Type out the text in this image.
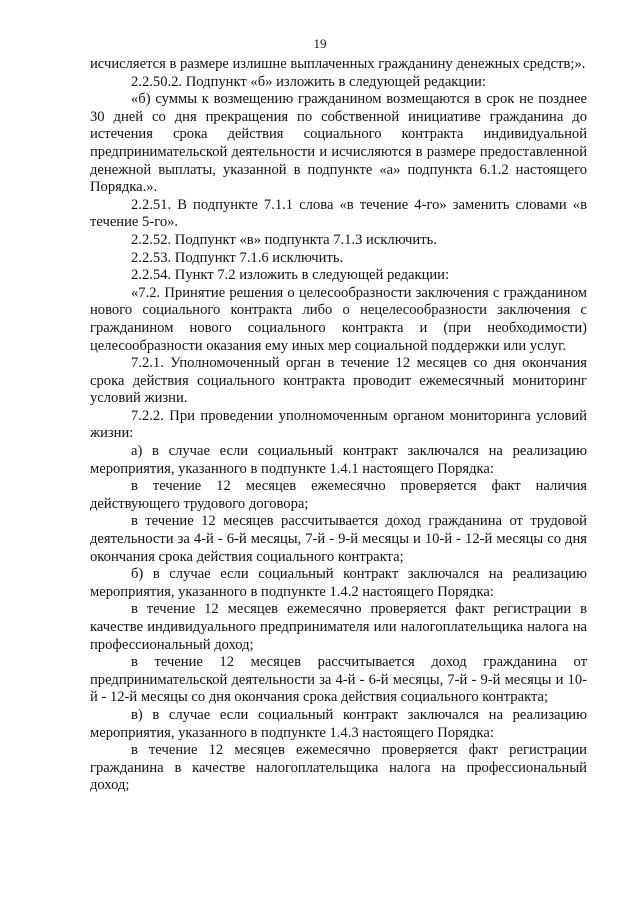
19

исчисляется в размере излишне выплаченных гражданину денежных средств;».

2.2.50.2. Подпункт «б» изложить в следующей редакции:

«б) суммы к возмещению гражданином возмещаются в срок не позднее 30 дней со дня прекращения по собственной инициативе гражданина до истечения срока действия социального контракта индивидуальной предпринимательской деятельности и исчисляются в размере предоставленной денежной выплаты, указанной в подпункте «а» подпункта 6.1.2 настоящего Порядка.».

2.2.51. В подпункте 7.1.1 слова «в течение 4-го» заменить словами «в течение 5-го».

2.2.52. Подпункт «в» подпункта 7.1.3 исключить.

2.2.53. Подпункт 7.1.6 исключить.

2.2.54. Пункт 7.2 изложить в следующей редакции:

«7.2. Принятие решения о целесообразности заключения с гражданином нового социального контракта либо о нецелесообразности заключения с гражданином нового социального контракта и (при необходимости) целесообразности оказания ему иных мер социальной поддержки или услуг.

7.2.1. Уполномоченный орган в течение 12 месяцев со дня окончания срока действия социального контракта проводит ежемесячный мониторинг условий жизни.

7.2.2. При проведении уполномоченным органом мониторинга условий жизни:

а) в случае если социальный контракт заключался на реализацию мероприятия, указанного в подпункте 1.4.1 настоящего Порядка:

в течение 12 месяцев ежемесячно проверяется факт наличия действующего трудового договора;

в течение 12 месяцев рассчитывается доход гражданина от трудовой деятельности за 4-й - 6-й месяцы, 7-й - 9-й месяцы и 10-й - 12-й месяцы со дня окончания срока действия социального контракта;

б) в случае если социальный контракт заключался на реализацию мероприятия, указанного в подпункте 1.4.2 настоящего Порядка:

в течение 12 месяцев ежемесячно проверяется факт регистрации в качестве индивидуального предпринимателя или налогоплательщика налога на профессиональный доход;

в течение 12 месяцев рассчитывается доход гражданина от предпринимательской деятельности за 4-й - 6-й месяцы, 7-й - 9-й месяцы и 10-й - 12-й месяцы со дня окончания срока действия социального контракта;

в) в случае если социальный контракт заключался на реализацию мероприятия, указанного в подпункте 1.4.3 настоящего Порядка:

в течение 12 месяцев ежемесячно проверяется факт регистрации гражданина в качестве налогоплательщика налога на профессиональный доход;
